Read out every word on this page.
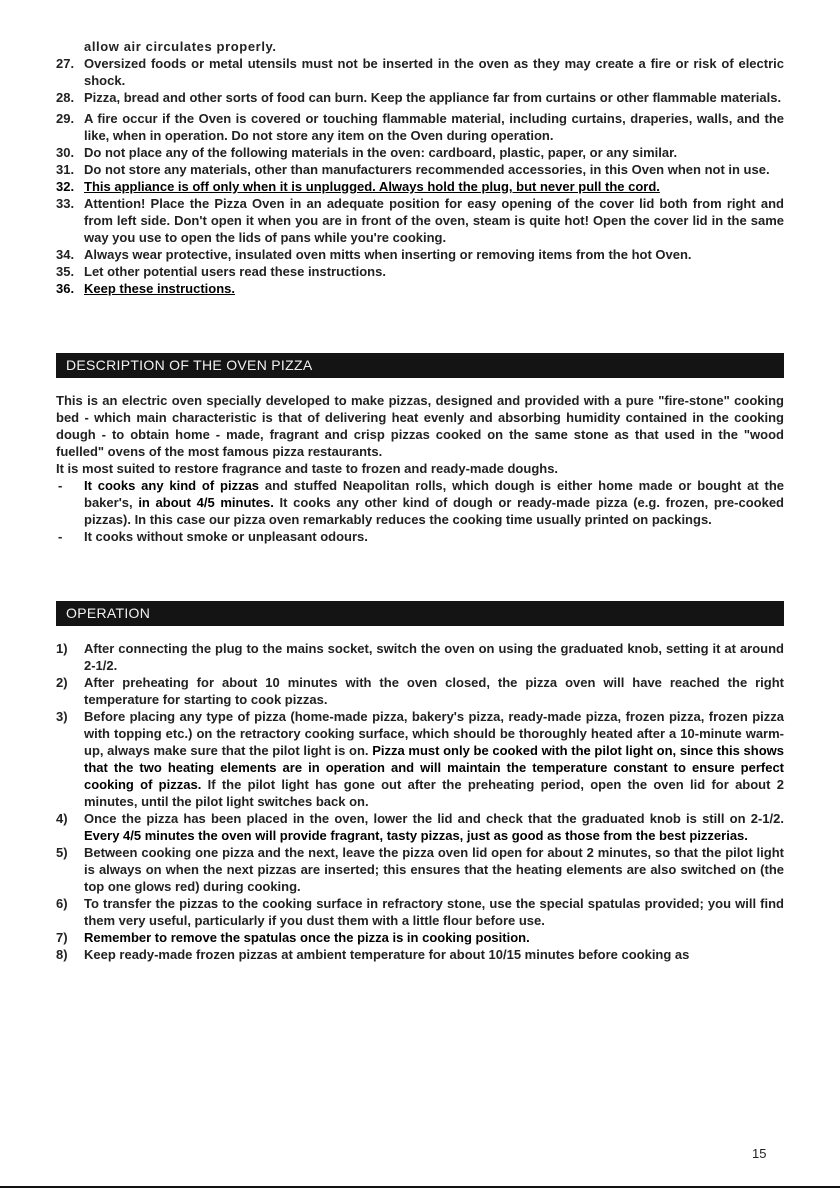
allow air circulates properly.
27. Oversized foods or metal utensils must not be inserted in the oven as they may create a fire or risk of electric shock.
28. Pizza, bread and other sorts of food can burn. Keep the appliance far from curtains or other flammable materials.
29. A fire occur if the Oven is covered or touching flammable material, including curtains, draperies, walls, and the like, when in operation. Do not store any item on the Oven during operation.
30. Do not place any of the following materials in the oven: cardboard, plastic, paper, or any similar.
31. Do not store any materials, other than manufacturers recommended accessories, in this Oven when not in use.
32. This appliance is off only when it is unplugged. Always hold the plug, but never pull the cord.
33. Attention! Place the Pizza Oven in an adequate position for easy opening of the cover lid both from right and from left side. Don't open it when you are in front of the oven, steam is quite hot! Open the cover lid in the same way you use to open the lids of pans while you're cooking.
34. Always wear protective, insulated oven mitts when inserting or removing items from the hot Oven.
35. Let other potential users read these instructions.
36. Keep these instructions.
DESCRIPTION OF THE OVEN PIZZA
This is an electric oven specially developed to make pizzas, designed and provided with a pure "fire-stone" cooking bed - which main characteristic is that of delivering heat evenly and absorbing humidity contained in the cooking dough - to obtain home - made, fragrant and crisp pizzas cooked on the same stone as that used in the "wood fuelled" ovens of the most famous pizza restaurants.
It is most suited to restore fragrance and taste to frozen and ready-made doughs.
- It cooks any kind of pizzas and stuffed Neapolitan rolls, which dough is either home made or bought at the baker's, in about 4/5 minutes. It cooks any other kind of dough or ready-made pizza (e.g. frozen, pre-cooked pizzas). In this case our pizza oven remarkably reduces the cooking time usually printed on packings.
- It cooks without smoke or unpleasant odours.
OPERATION
1) After connecting the plug to the mains socket, switch the oven on using the graduated knob, setting it at around 2-1/2.
2) After preheating for about 10 minutes with the oven closed, the pizza oven will have reached the right temperature for starting to cook pizzas.
3) Before placing any type of pizza (home-made pizza, bakery's pizza, ready-made pizza, frozen pizza, frozen pizza with topping etc.) on the retractory cooking surface, which should be thoroughly heated after a 10-minute warm-up, always make sure that the pilot light is on. Pizza must only be cooked with the pilot light on, since this shows that the two heating elements are in operation and will maintain the temperature constant to ensure perfect cooking of pizzas. If the pilot light has gone out after the preheating period, open the oven lid for about 2 minutes, until the pilot light switches back on.
4) Once the pizza has been placed in the oven, lower the lid and check that the graduated knob is still on 2-1/2. Every 4/5 minutes the oven will provide fragrant, tasty pizzas, just as good as those from the best pizzerias.
5) Between cooking one pizza and the next, leave the pizza oven lid open for about 2 minutes, so that the pilot light is always on when the next pizzas are inserted; this ensures that the heating elements are also switched on (the top one glows red) during cooking.
6) To transfer the pizzas to the cooking surface in refractory stone, use the special spatulas provided; you will find them very useful, particularly if you dust them with a little flour before use.
7) Remember to remove the spatulas once the pizza is in cooking position.
8) Keep ready-made frozen pizzas at ambient temperature for about 10/15 minutes before cooking as
15
